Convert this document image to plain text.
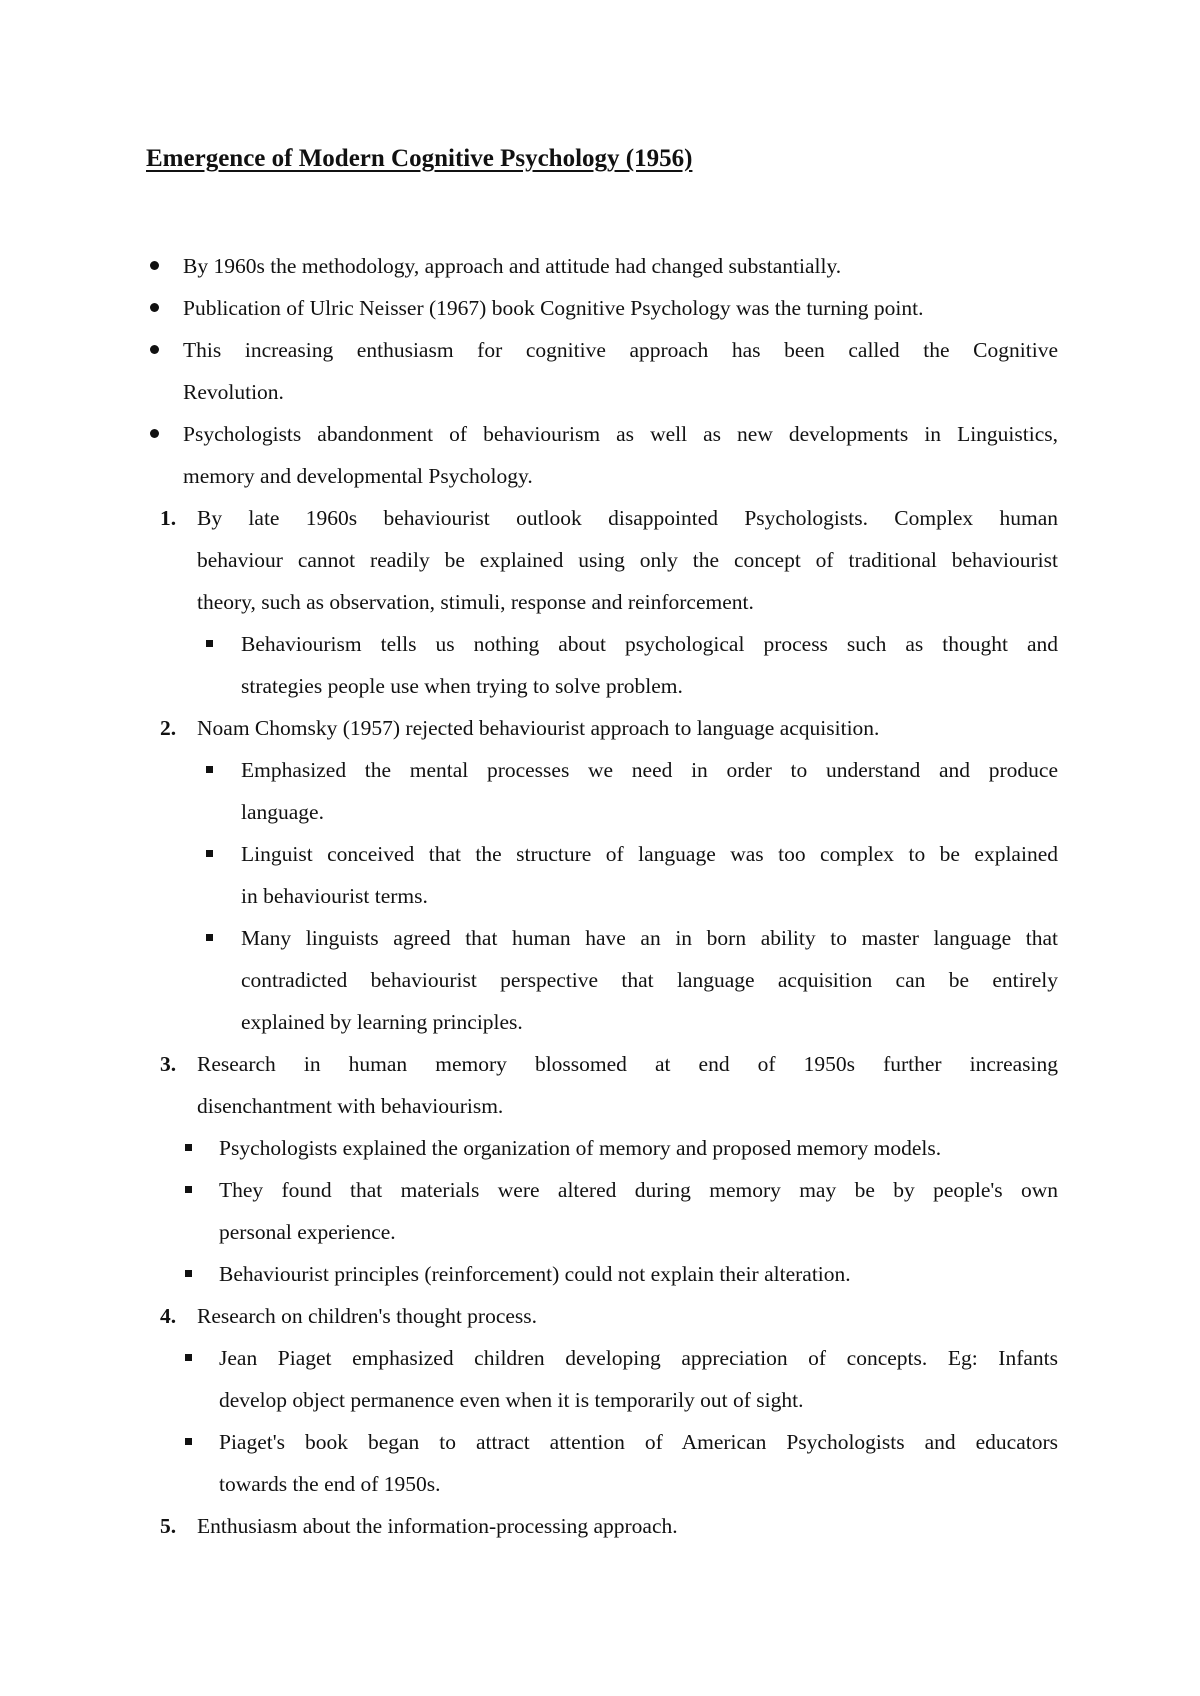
Emergence of Modern Cognitive Psychology (1956)
By 1960s the methodology, approach and attitude had changed substantially.
Publication of Ulric Neisser (1967) book Cognitive Psychology was the turning point.
This increasing enthusiasm for cognitive approach has been called the Cognitive
Revolution.
Psychologists abandonment of behaviourism as well as new developments in Linguistics,
memory and developmental Psychology.
1. By late 1960s behaviourist outlook disappointed Psychologists. Complex human
behaviour cannot readily be explained using only the concept of traditional behaviourist
theory, such as observation, stimuli, response and reinforcement.
Behaviourism tells us nothing about psychological process such as thought and
strategies people use when trying to solve problem.
2. Noam Chomsky (1957) rejected behaviourist approach to language acquisition.
Emphasized the mental processes we need in order to understand and produce
language.
Linguist conceived that the structure of language was too complex to be explained
in behaviourist terms.
Many linguists agreed that human have an in born ability to master language that
contradicted behaviourist perspective that language acquisition can be entirely
explained by learning principles.
3. Research in human memory blossomed at end of 1950s further increasing
disenchantment with behaviourism.
Psychologists explained the organization of memory and proposed memory models.
They found that materials were altered during memory may be by people's own
personal experience.
Behaviourist principles (reinforcement) could not explain their alteration.
4. Research on children's thought process.
Jean Piaget emphasized children developing appreciation of concepts. Eg: Infants
develop object permanence even when it is temporarily out of sight.
Piaget's book began to attract attention of American Psychologists and educators
towards the end of 1950s.
5. Enthusiasm about the information-processing approach.
